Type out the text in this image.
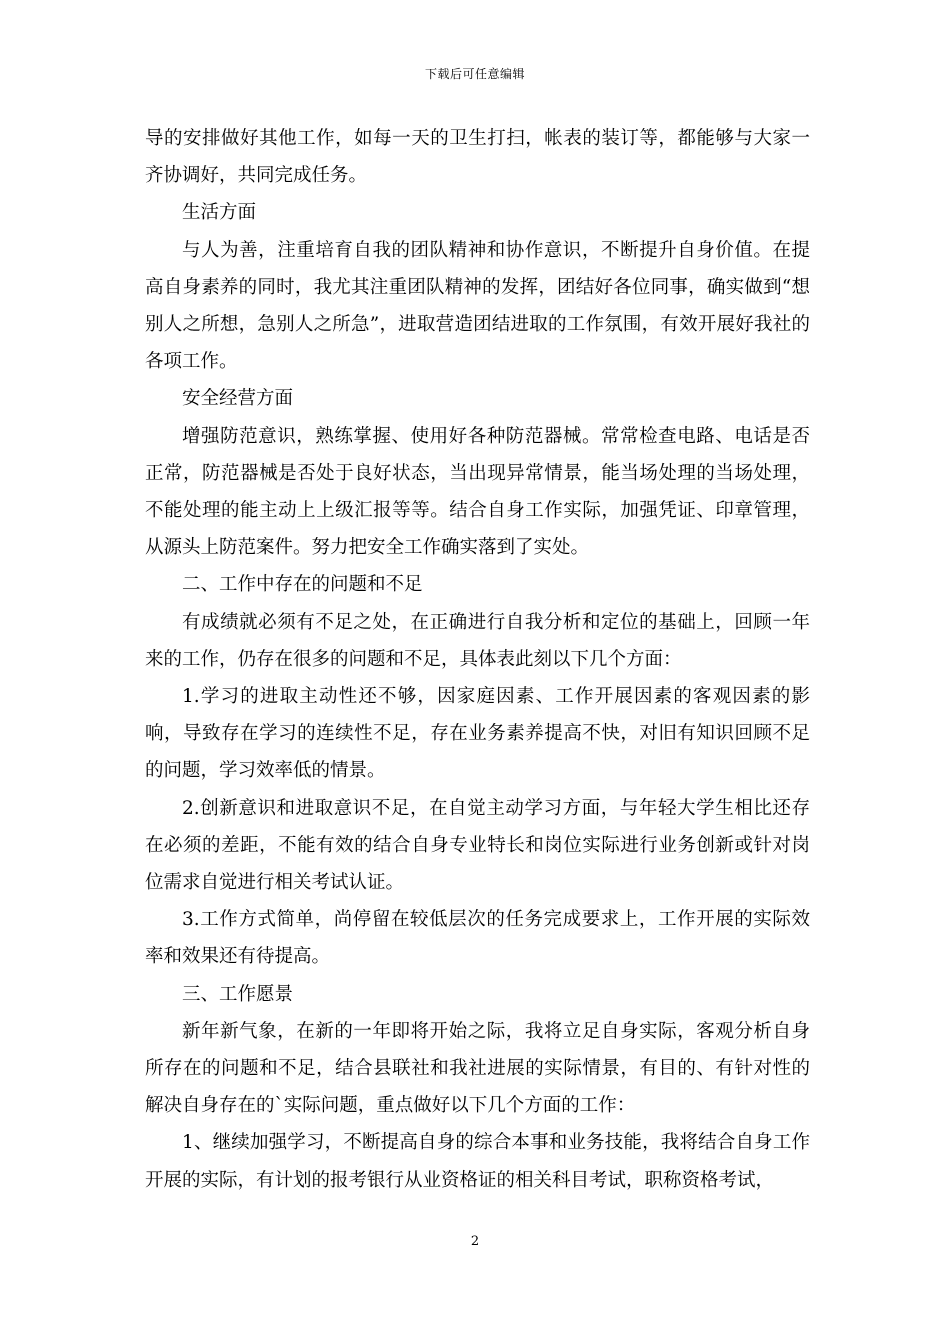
下载后可任意编辑

导的安排做好其他工作，如每一天的卫生打扫，帐表的装订等，都能够与大家一齐协调好，共同完成任务。

生活方面

与人为善，注重培育自我的团队精神和协作意识，不断提升自身价值。在提高自身素养的同时，我尤其注重团队精神的发挥，团结好各位同事，确实做到“想别人之所想，急别人之所急”，进取营造团结进取的工作氛围，有效开展好我社的各项工作。

安全经营方面

增强防范意识，熟练掌握、使用好各种防范器械。常常检查电路、电话是否正常，防范器械是否处于良好状态，当出现异常情景，能当场处理的当场处理，不能处理的能主动上上级汇报等等。结合自身工作实际，加强凭证、印章管理，从源头上防范案件。努力把安全工作确实落到了实处。

二、工作中存在的问题和不足

有成绩就必须有不足之处，在正确进行自我分析和定位的基础上，回顾一年来的工作，仍存在很多的问题和不足，具体表此刻以下几个方面：

1.学习的进取主动性还不够，因家庭因素、工作开展因素的客观因素的影响，导致存在学习的连续性不足，存在业务素养提高不快，对旧有知识回顾不足的问题，学习效率低的情景。

2.创新意识和进取意识不足，在自觉主动学习方面，与年轻大学生相比还存在必须的差距，不能有效的结合自身专业特长和岗位实际进行业务创新或针对岗位需求自觉进行相关考试认证。

3.工作方式简单，尚停留在较低层次的任务完成要求上，工作开展的实际效率和效果还有待提高。

三、工作愿景

新年新气象，在新的一年即将开始之际，我将立足自身实际，客观分析自身所存在的问题和不足，结合县联社和我社进展的实际情景，有目的、有针对性的解决自身存在的`实际问题，重点做好以下几个方面的工作：

1、继续加强学习，不断提高自身的综合本事和业务技能，我将结合自身工作开展的实际，有计划的报考银行从业资格证的相关科目考试，职称资格考试，

2
